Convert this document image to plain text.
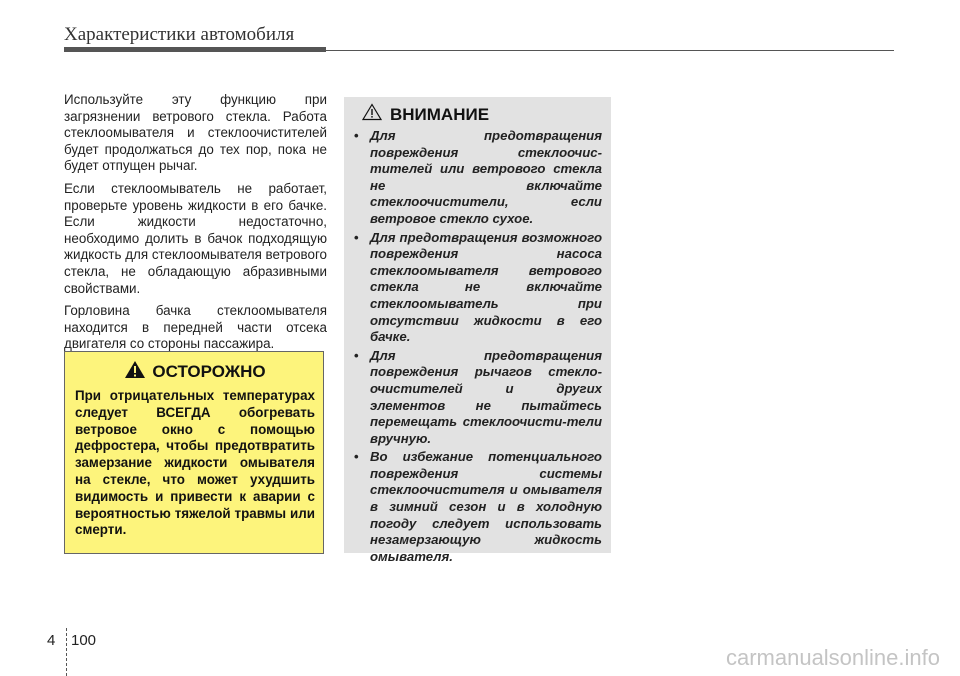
Характеристики автомобиля

Используйте эту функцию при загрязнении ветрового стекла. Работа стеклоомывателя и стеклоочистителей будет продолжаться до тех пор, пока не будет отпущен рычаг.

Если стеклоомыватель не работает, проверьте уровень жидкости в его бачке. Если жидкости недостаточно, необходимо долить в бачок подходящую жидкость для стеклоомывателя ветрового стекла, не обладающую абразивными свойствами.

Горловина бачка стеклоомывателя находится в передней части отсека двигателя со стороны пассажира.

ОСТОРОЖНО
При отрицательных температурах следует ВСЕГДА обогревать ветровое окно с помощью дефростера, чтобы предотвратить замерзание жидкости омывателя на стекле, что может ухудшить видимость и привести к аварии с вероятностью тяжелой травмы или смерти.
ВНИМАНИЕ
• Для предотвращения повреждения стеклоочис-тителей или ветрового стекла не включайте стеклоочистители, если ветровое стекло сухое.
• Для предотвращения возможного повреждения насоса стеклоомывателя ветрового стекла не включайте стеклоомыватель при отсутствии жидкости в его бачке.
• Для предотвращения повреждения рычагов стекло-очистителей и других элементов не пытайтесь перемещать стеклоочисти-тели вручную.
• Во избежание потенциального повреждения системы стеклоочистителя и омывателя в зимний сезон и в холодную погоду следует использовать незамерзающую жидкость омывателя.
4 100
carmanualsonline.info
